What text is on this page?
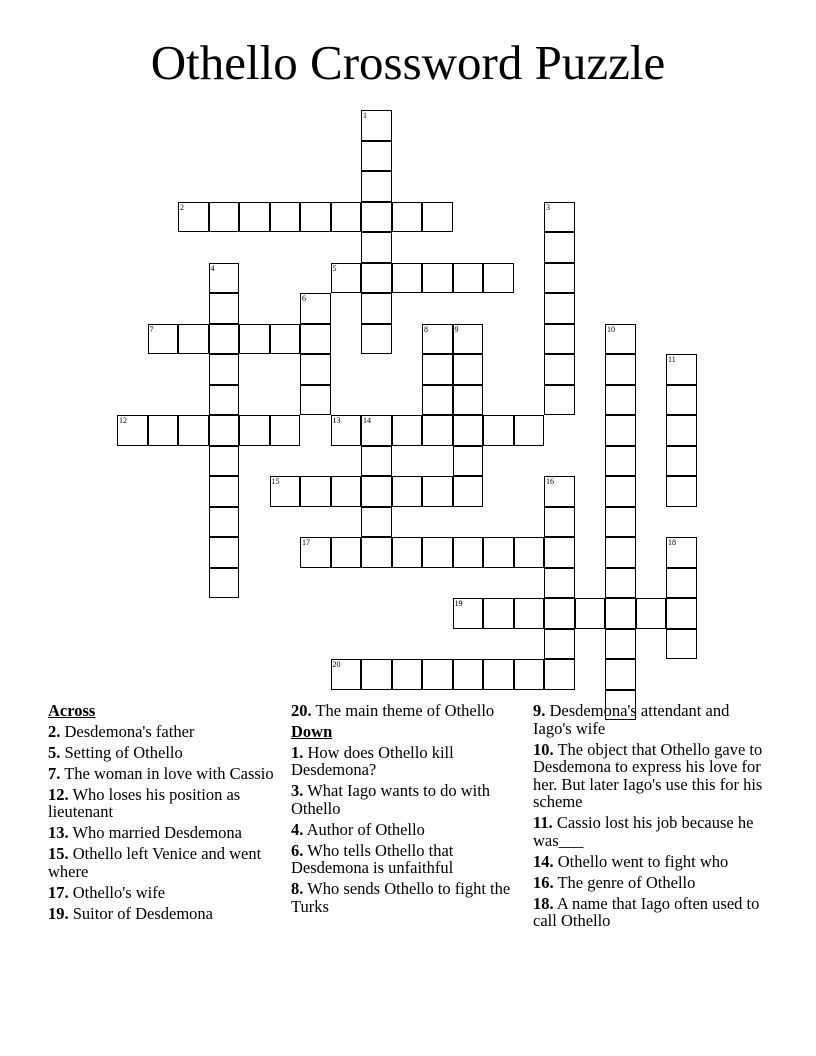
Othello Crossword Puzzle
1
2	3
4	5
6
7	8	9	10
11
12	13	14
15	16
17	18
19
20
Across
2. Desdemona's father
5. Setting of Othello
7. The woman in love with Cassio
12. Who loses his position as lieutenant
13. Who married Desdemona
15. Othello left Venice and went where
17. Othello's wife
19. Suitor of Desdemona
20. The main theme of Othello
Down
1. How does Othello kill Desdemona?
3. What Iago wants to do with Othello
4. Author of Othello
6. Who tells Othello that Desdemona is unfaithful
8. Who sends Othello to fight the Turks
9. Desdemona's attendant and Iago's wife
10. The object that Othello gave to Desdemona to express his love for her. But later Iago's use this for his scheme
11. Cassio lost his job because he was___
14. Othello went to fight who
16. The genre of Othello
18. A name that Iago often used to call Othello
